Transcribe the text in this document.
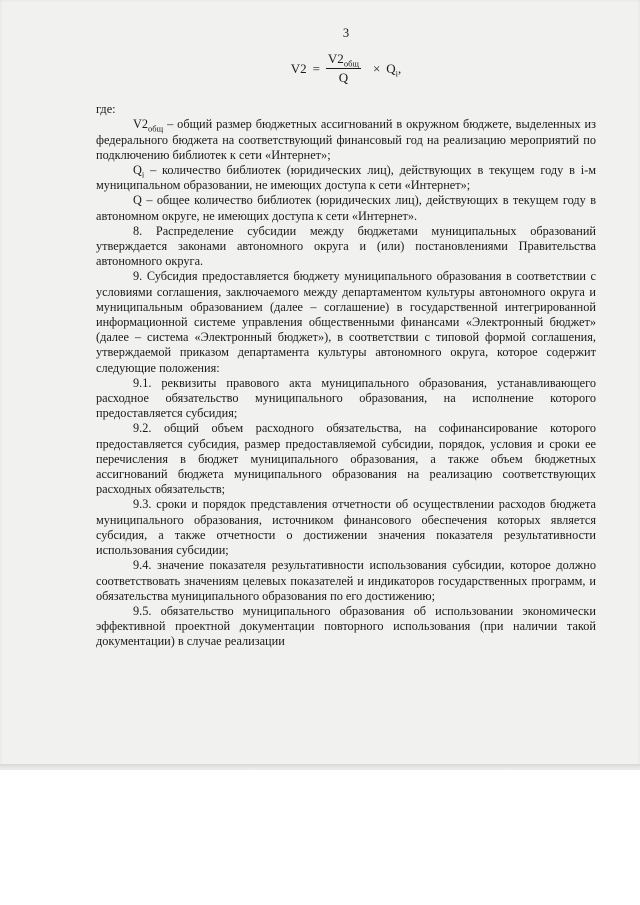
3
$V2 = \frac{V2_{общ}}{Q} \times Q_i$,

где:

$V2_{общ}$ – общий размер бюджетных ассигнований в окружном бюджете, выделенных из федерального бюджета на соответствующий финансовый год на реализацию мероприятий по подключению библиотек к сети «Интернет»;

$Q_i$ – количество библиотек (юридических лиц), действующих в текущем году в i-м муниципальном образовании, не имеющих доступа к сети «Интернет»;

Q – общее количество библиотек (юридических лиц), действующих в текущем году в автономном округе, не имеющих доступа к сети «Интернет».

8. Распределение субсидии между бюджетами муниципальных образований утверждается законами автономного округа и (или) постановлениями Правительства автономного округа.

9. Субсидия предоставляется бюджету муниципального образования в соответствии с условиями соглашения, заключаемого между департаментом культуры автономного округа и муниципальным образованием (далее – соглашение) в государственной интегрированной информационной системе управления общественными финансами «Электронный бюджет» (далее – система «Электронный бюджет»), в соответствии с типовой формой соглашения, утверждаемой приказом департамента культуры автономного округа, которое содержит следующие положения:

9.1. реквизиты правового акта муниципального образования, устанавливающего расходное обязательство муниципального образования, на исполнение которого предоставляется субсидия;

9.2. общий объем расходного обязательства, на софинансирование которого предоставляется субсидия, размер предоставляемой субсидии, порядок, условия и сроки ее перечисления в бюджет муниципального образования, а также объем бюджетных ассигнований бюджета муниципального образования на реализацию соответствующих расходных обязательств;

9.3. сроки и порядок представления отчетности об осуществлении расходов бюджета муниципального образования, источником финансового обеспечения которых является субсидия, а также отчетности о достижении значения показателя результативности использования субсидии;

9.4. значение показателя результативности использования субсидии, которое должно соответствовать значениям целевых показателей и индикаторов государственных программ, и обязательства муниципального образования по его достижению;

9.5. обязательство муниципального образования об использовании экономически эффективной проектной документации повторного использования (при наличии такой документации) в случае реализации
